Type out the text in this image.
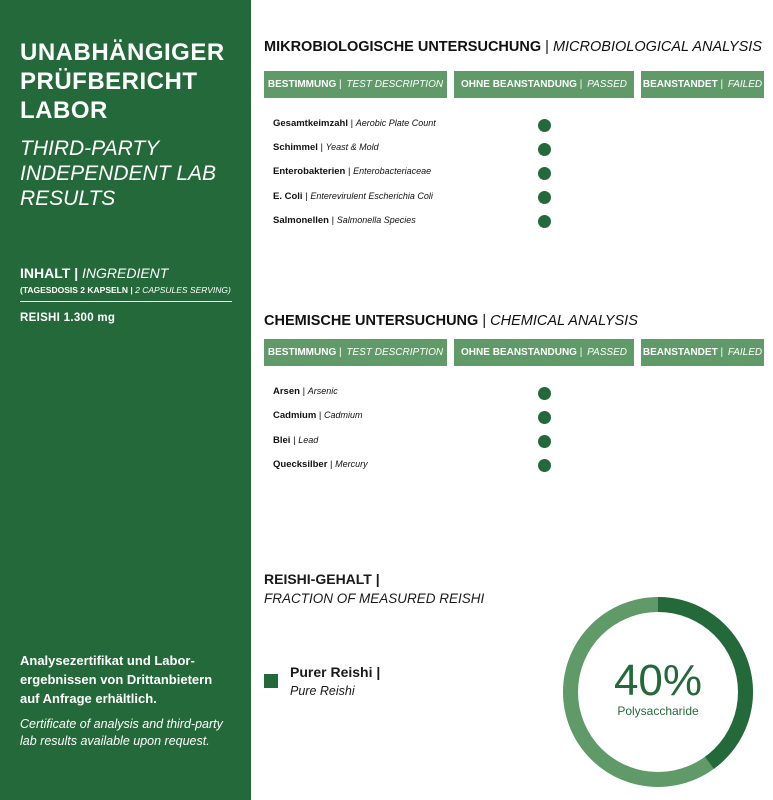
UNABHÄNGIGER PRÜFBERICHT LABOR
THIRD-PARTY INDEPENDENT LAB RESULTS
INHALT | INGREDIENT
(TAGESDOSIS 2 KAPSELN | 2 CAPSULES SERVING)
REISHI 1.300 mg
Analysezertifikat und Laborergebnissen von Drittanbietern auf Anfrage erhältlich.
Certificate of analysis and third-party lab results available upon request.
MIKROBIOLOGISCHE UNTERSUCHUNG | MICROBIOLOGICAL ANALYSIS
BESTIMMUNG | TEST DESCRIPTION OHNE BEANSTANDUNG | PASSED BEANSTANDET | FAILED
Gesamtkeimzahl | Aerobic Plate Count
Schimmel | Yeast & Mold
Enterobakterien | Enterobacteriaceae
E. Coli | Enterevirulent Escherichia Coli
Salmonellen | Salmonella Species
CHEMISCHE UNTERSUCHUNG | CHEMICAL ANALYSIS
BESTIMMUNG | TEST DESCRIPTION OHNE BEANSTANDUNG | PASSED BEANSTANDET | FAILED
Arsen | Arsenic
Cadmium | Cadmium
Blei | Lead
Quecksilber | Mercury
REISHI-GEHALT |
FRACTION OF MEASURED REISHI
Purer Reishi |
Pure Reishi	40%
Polysaccharide
